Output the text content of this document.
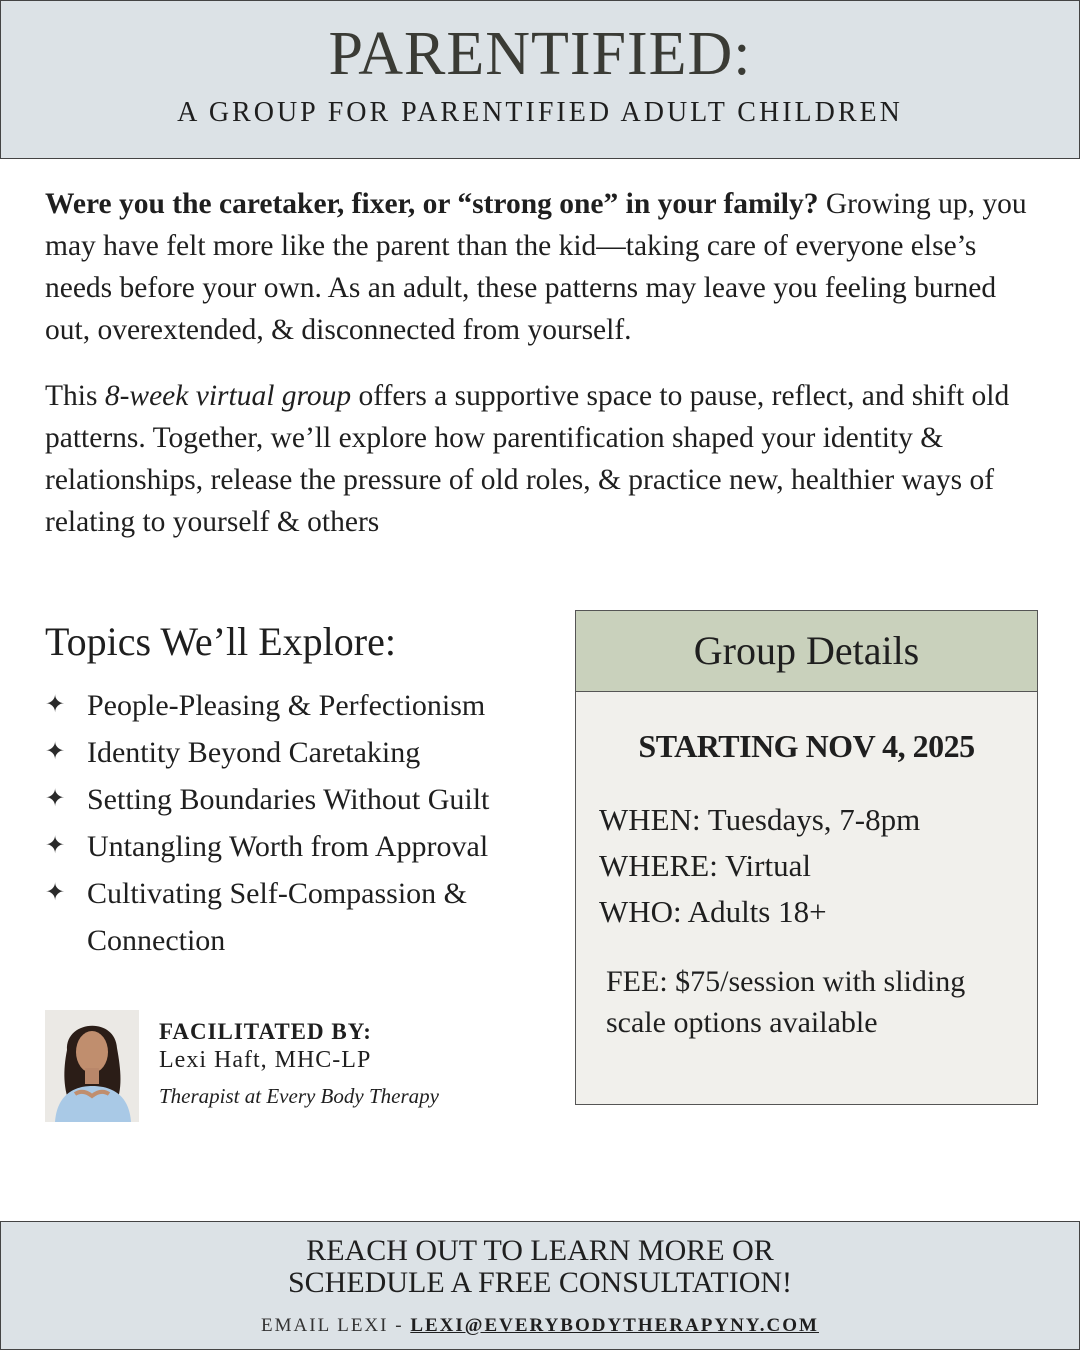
PARENTIFIED:
A GROUP FOR PARENTIFIED ADULT CHILDREN

Were you the caretaker, fixer, or “strong one” in your family? Growing up, you may have felt more like the parent than the kid—taking care of everyone else’s needs before your own. As an adult, these patterns may leave you feeling burned out, overextended, & disconnected from yourself.

This 8-week virtual group offers a supportive space to pause, reflect, and shift old patterns. Together, we’ll explore how parentification shaped your identity & relationships, release the pressure of old roles, & practice new, healthier ways of relating to yourself & others

Topics We’ll Explore:
✦ People-Pleasing & Perfectionism
✦ Identity Beyond Caretaking
✦ Setting Boundaries Without Guilt
✦ Untangling Worth from Approval
✦ Cultivating Self-Compassion & Connection
FACILITATED BY:
Lexi Haft, MHC-LP
Therapist at Every Body Therapy
Group Details
STARTING NOV 4, 2025
WHEN: Tuesdays, 7-8pm
WHERE: Virtual
WHO: Adults 18+
FEE: $75/session with sliding scale options available
REACH OUT TO LEARN MORE OR
SCHEDULE A FREE CONSULTATION!
EMAIL LEXI - LEXI@EVERYBODYTHERAPYNY.COM
